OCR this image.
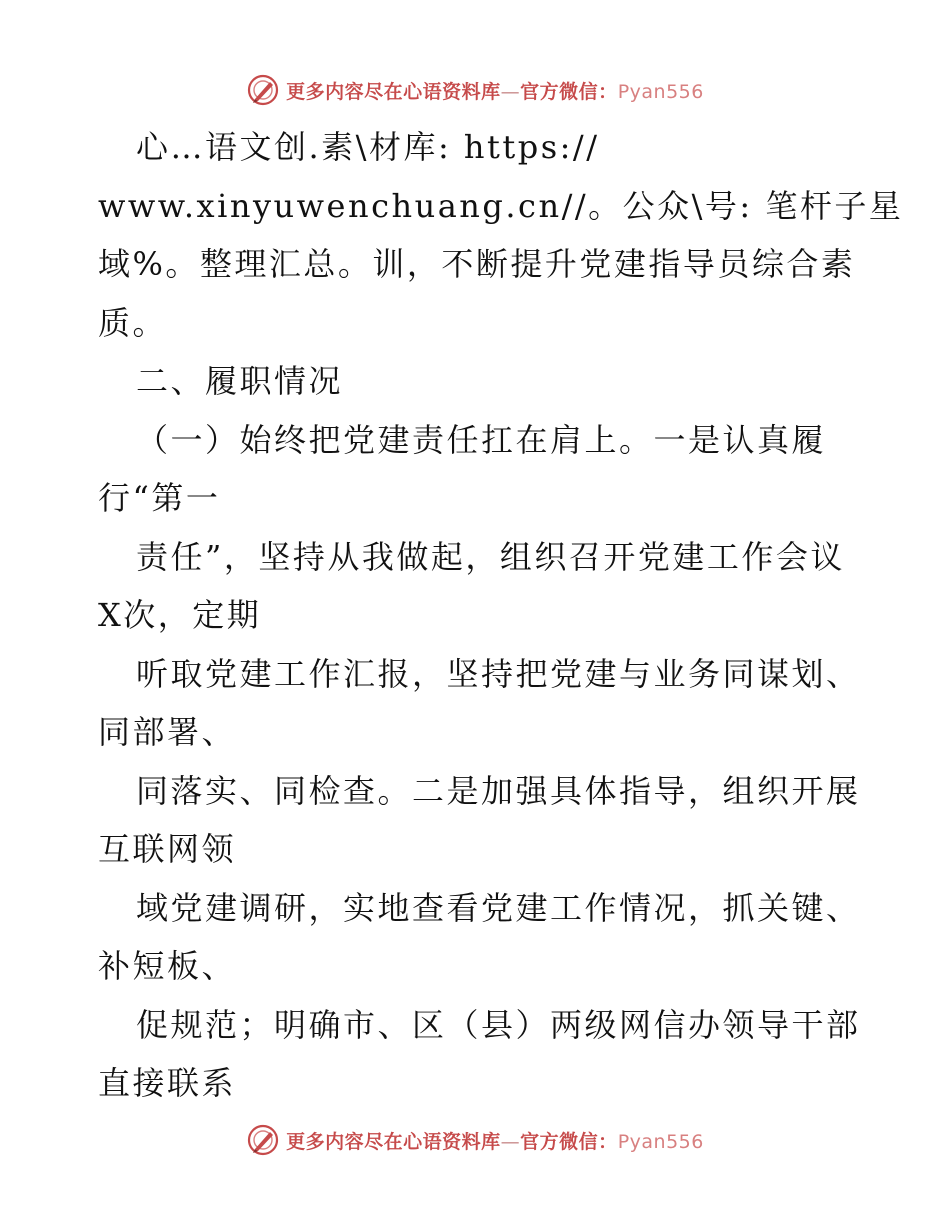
更多内容尽在心语资料库—官方微信：Pyan556
心…语文创.素\材库: https://
www.xinyuwenchuang.cn//。公众\号: 笔杆子星
域%。整理汇总。训，不断提升党建指导员综合素
质。
二、履职情况
（一）始终把党建责任扛在肩上。一是认真履
行“第一
责任”，坚持从我做起，组织召开党建工作会议
X次，定期
听取党建工作汇报，坚持把党建与业务同谋划、
同部署、
同落实、同检查。二是加强具体指导，组织开展
互联网领
域党建调研，实地查看党建工作情况，抓关键、
补短板、
促规范；明确市、区（县）两级网信办领导干部
直接联系
更多内容尽在心语资料库—官方微信：Pyan556
